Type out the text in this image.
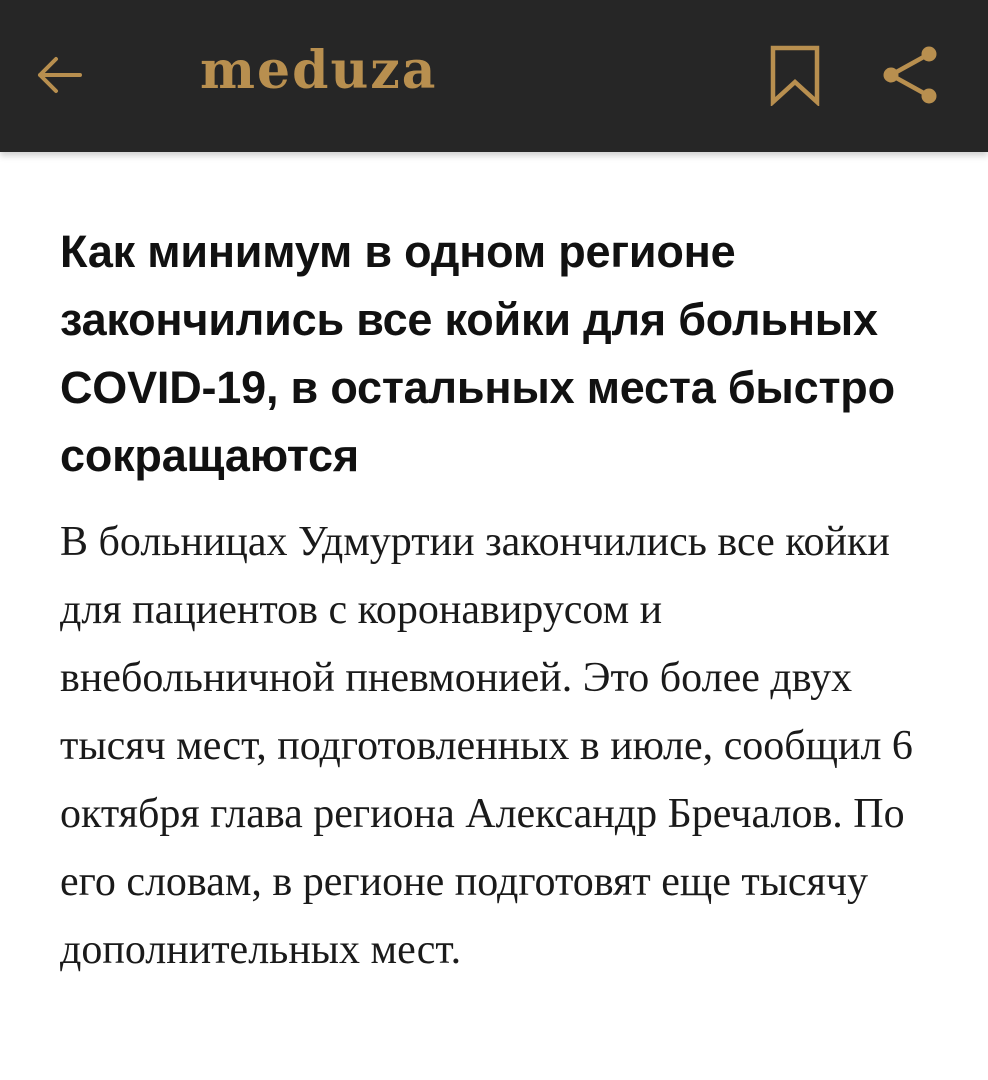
meduza
Как минимум в одном регионе закончились все койки для больных COVID-19, в остальных места быстро сокращаются

В больницах Удмуртии закончились все койки для пациентов с коронавирусом и внебольничной пневмонией. Это более двух тысяч мест, подготовленных в июле, сообщил 6 октября глава региона Александр Бречалов. По его словам, в регионе подготовят еще тысячу дополнительных мест.
